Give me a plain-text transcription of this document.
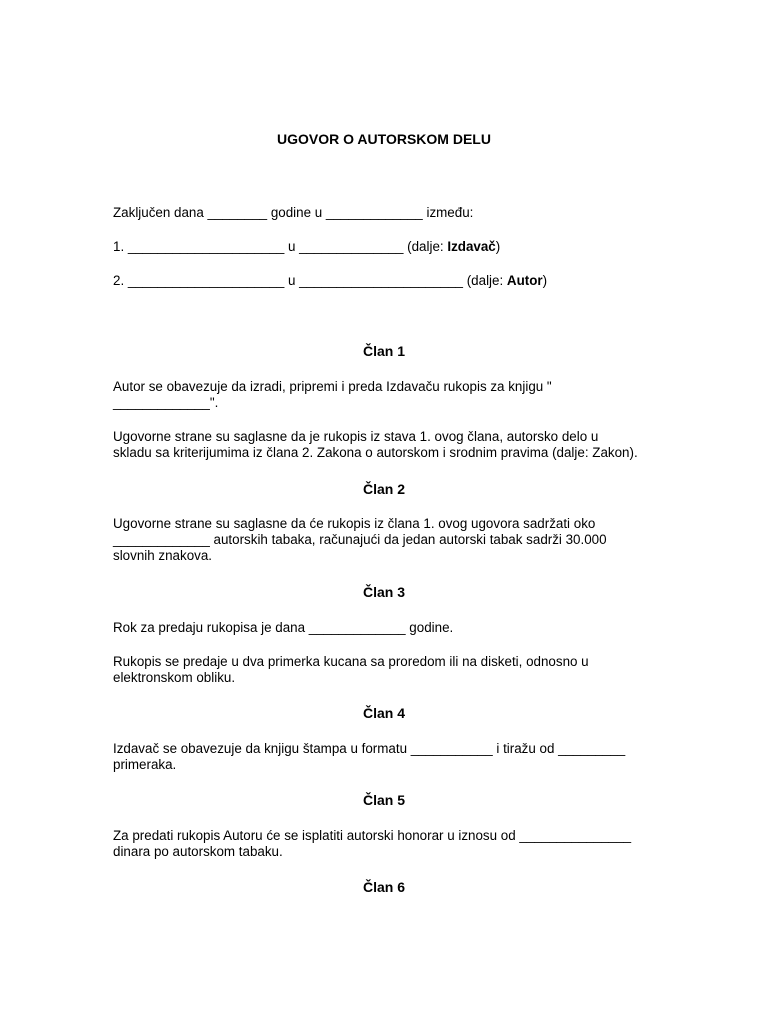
UGOVOR O AUTORSKOM DELU
Zaključen dana ________ godine u _____________ između:
1. _____________________ u ______________ (dalje: Izdavač)
2. _____________________ u ______________________ (dalje: Autor)
Član 1
Autor se obavezuje da izradi, pripremi i preda Izdavaču rukopis za knjigu "
_____________".
Ugovorne strane su saglasne da je rukopis iz stava 1. ovog člana, autorsko delo u
skladu sa kriterijumima iz člana 2. Zakona o autorskom i srodnim pravima (dalje: Zakon).
Član 2
Ugovorne strane su saglasne da će rukopis iz člana 1. ovog ugovora sadržati oko
_____________ autorskih tabaka, računajući da jedan autorski tabak sadrži 30.000
slovnih znakova.
Član 3
Rok za predaju rukopisa je dana _____________ godine.
Rukopis se predaje u dva primerka kucana sa proredom ili na disketi, odnosno u
elektronskom obliku.
Član 4
Izdavač se obavezuje da knjigu štampa u formatu ___________ i tiražu od _________
primeraka.
Član 5
Za predati rukopis Autoru će se isplatiti autorski honorar u iznosu od _______________
dinara po autorskom tabaku.
Član 6
